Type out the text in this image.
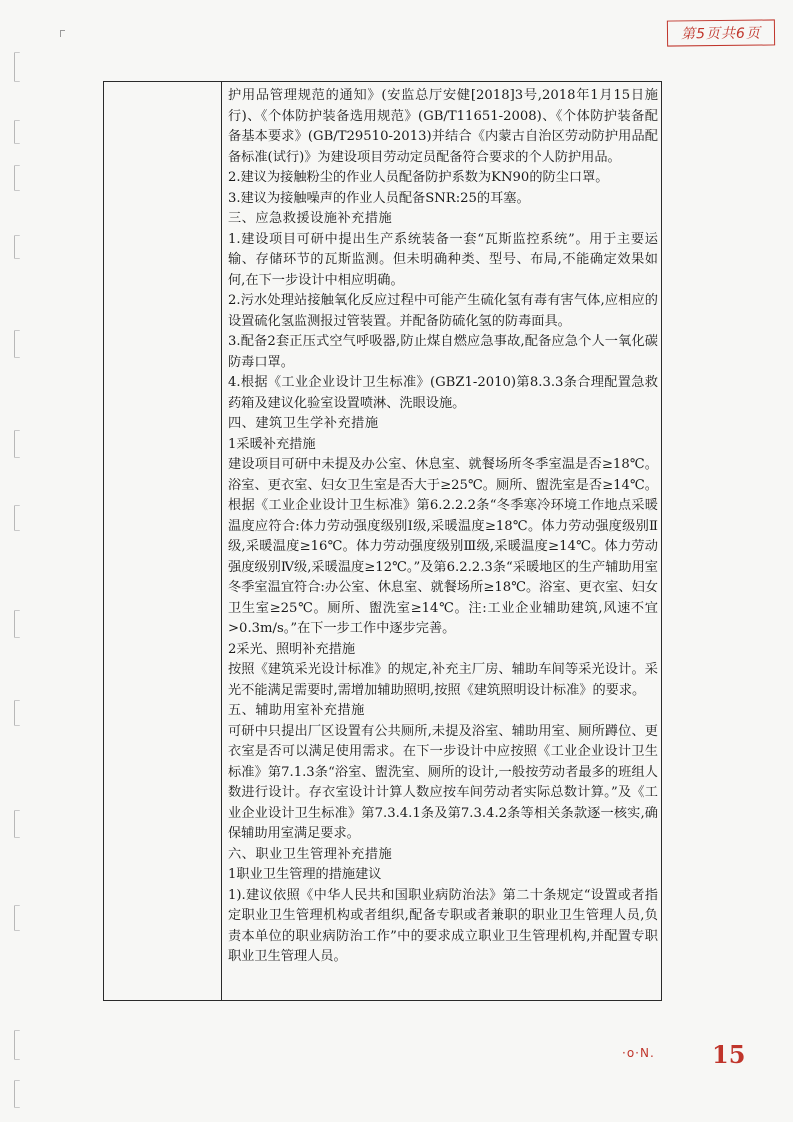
第5页共6页

护用品管理规范的通知》(安监总厅安健[2018]3号,2018年1月15日施行)、《个体防护装备选用规范》(GB/T11651-2008)、《个体防护装备配备基本要求》(GB/T29510-2013)并结合《内蒙古自治区劳动防护用品配备标准(试行)》为建设项目劳动定员配备符合要求的个人防护用品。

2.建议为接触粉尘的作业人员配备防护系数为KN90的防尘口罩。

3.建议为接触噪声的作业人员配备SNR:25的耳塞。

三、应急救援设施补充措施

1.建设项目可研中提出生产系统装备一套“瓦斯监控系统”。用于主要运输、存储环节的瓦斯监测。但未明确种类、型号、布局,不能确定效果如何,在下一步设计中相应明确。

2.污水处理站接触氧化反应过程中可能产生硫化氢有毒有害气体,应相应的设置硫化氢监测报过管装置。并配备防硫化氢的防毒面具。

3.配备2套正压式空气呼吸器,防止煤自燃应急事故,配备应急个人一氧化碳防毒口罩。

4.根据《工业企业设计卫生标准》(GBZ1-2010)第8.3.3条合理配置急救药箱及建议化验室设置喷淋、洗眼设施。

四、建筑卫生学补充措施

1采暖补充措施

建设项目可研中未提及办公室、休息室、就餐场所冬季室温是否≥18℃。浴室、更衣室、妇女卫生室是否大于≥25℃。厕所、盥洗室是否≥14℃。根据《工业企业设计卫生标准》第6.2.2.2条“冬季寒冷环境工作地点采暖温度应符合:体力劳动强度级别Ⅰ级,采暖温度≥18℃。体力劳动强度级别Ⅱ级,采暖温度≥16℃。体力劳动强度级别Ⅲ级,采暖温度≥14℃。体力劳动强度级别Ⅳ级,采暖温度≥12℃。”及第6.2.2.3条“采暖地区的生产辅助用室冬季室温宜符合:办公室、休息室、就餐场所≥18℃。浴室、更衣室、妇女卫生室≥25℃。厕所、盥洗室≥14℃。注:工业企业辅助建筑,风速不宜>0.3m/s。”在下一步工作中逐步完善。

2采光、照明补充措施

按照《建筑采光设计标准》的规定,补充主厂房、辅助车间等采光设计。采光不能满足需要时,需增加辅助照明,按照《建筑照明设计标准》的要求。

五、辅助用室补充措施

可研中只提出厂区设置有公共厕所,未提及浴室、辅助用室、厕所蹲位、更衣室是否可以满足使用需求。在下一步设计中应按照《工业企业设计卫生标准》第7.1.3条“浴室、盥洗室、厕所的设计,一般按劳动者最多的班组人数进行设计。存衣室设计计算人数应按车间劳动者实际总数计算。”及《工业企业设计卫生标准》第7.3.4.1条及第7.3.4.2条等相关条款逐一核实,确保辅助用室满足要求。

六、职业卫生管理补充措施

1职业卫生管理的措施建议

1).建议依照《中华人民共和国职业病防治法》第二十条规定“设置或者指定职业卫生管理机构或者组织,配备专职或者兼职的职业卫生管理人员,负责本单位的职业病防治工作”中的要求成立职业卫生管理机构,并配置专职职业卫生管理人员。

·o·N. 15
